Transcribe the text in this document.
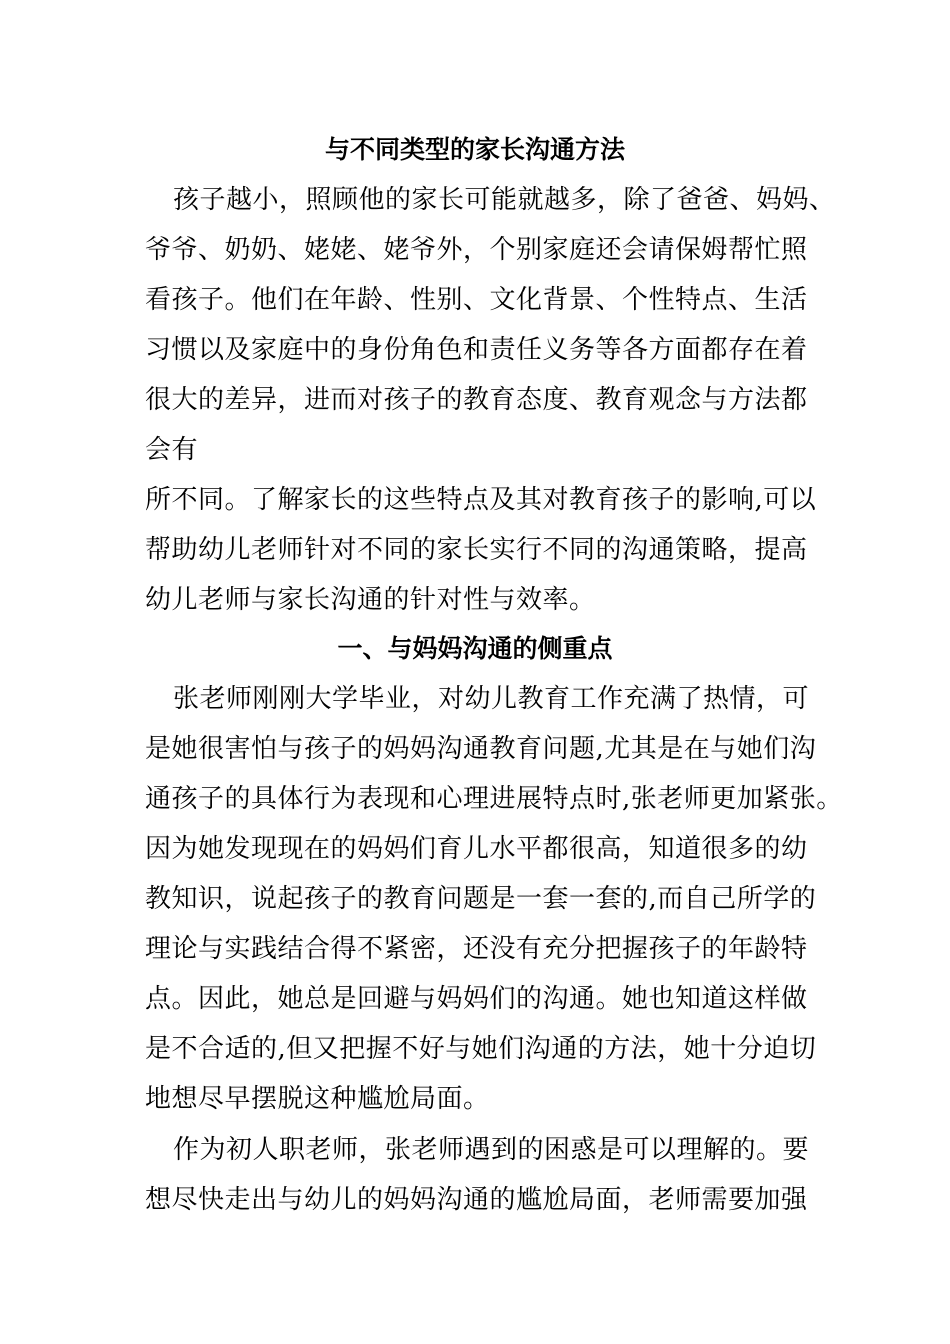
与不同类型的家长沟通方法
孩子越小，照顾他的家长可能就越多，除了爸爸、妈妈、
爷爷、奶奶、姥姥、姥爷外，个别家庭还会请保姆帮忙照
看孩子。他们在年龄、性别、文化背景、个性特点、生活
习惯以及家庭中的身份角色和责任义务等各方面都存在着
很大的差异，进而对孩子的教育态度、教育观念与方法都
会有
所不同。了解家长的这些特点及其对教育孩子的影响,可以
帮助幼儿老师针对不同的家长实行不同的沟通策略，提高
幼儿老师与家长沟通的针对性与效率。
一、与妈妈沟通的侧重点
张老师刚刚大学毕业，对幼儿教育工作充满了热情，可
是她很害怕与孩子的妈妈沟通教育问题,尤其是在与她们沟
通孩子的具体行为表现和心理进展特点时,张老师更加紧张。
因为她发现现在的妈妈们育儿水平都很高，知道很多的幼
教知识，说起孩子的教育问题是一套一套的,而自己所学的
理论与实践结合得不紧密，还没有充分把握孩子的年龄特
点。因此，她总是回避与妈妈们的沟通。她也知道这样做
是不合适的,但又把握不好与她们沟通的方法，她十分迫切
地想尽早摆脱这种尴尬局面。
作为初人职老师，张老师遇到的困惑是可以理解的。要
想尽快走出与幼儿的妈妈沟通的尴尬局面，老师需要加强
